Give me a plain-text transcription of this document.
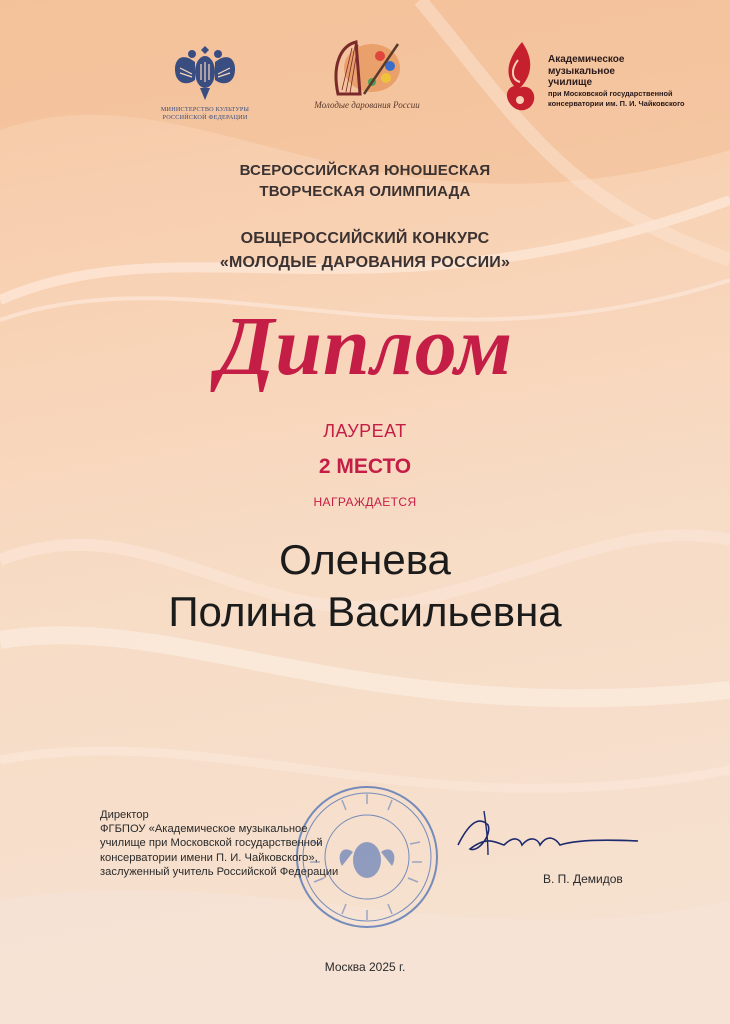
МИНИСТЕРСТВО КУЛЬТУРЫ
РОССИЙСКОЙ ФЕДЕРАЦИИ
Молодые дарования России
Академическое
музыкальное
училище
при Московской государственной
консерватории им. П. И. Чайковского
ВСЕРОССИЙСКАЯ ЮНОШЕСКАЯ
ТВОРЧЕСКАЯ ОЛИМПИАДА
ОБЩЕРОССИЙСКИЙ КОНКУРС
«МОЛОДЫЕ ДАРОВАНИЯ РОССИИ»
Диплом
ЛАУРЕАТ
2 МЕСТО
НАГРАЖДАЕТСЯ
Оленева
Полина Васильевна
Директор
ФГБПОУ «Академическое музыкальное
училище при Московской государственной
консерватории имени П. И. Чайковского»,
заслуженный учитель Российской Федерации
В. П. Демидов
Москва 2025 г.
